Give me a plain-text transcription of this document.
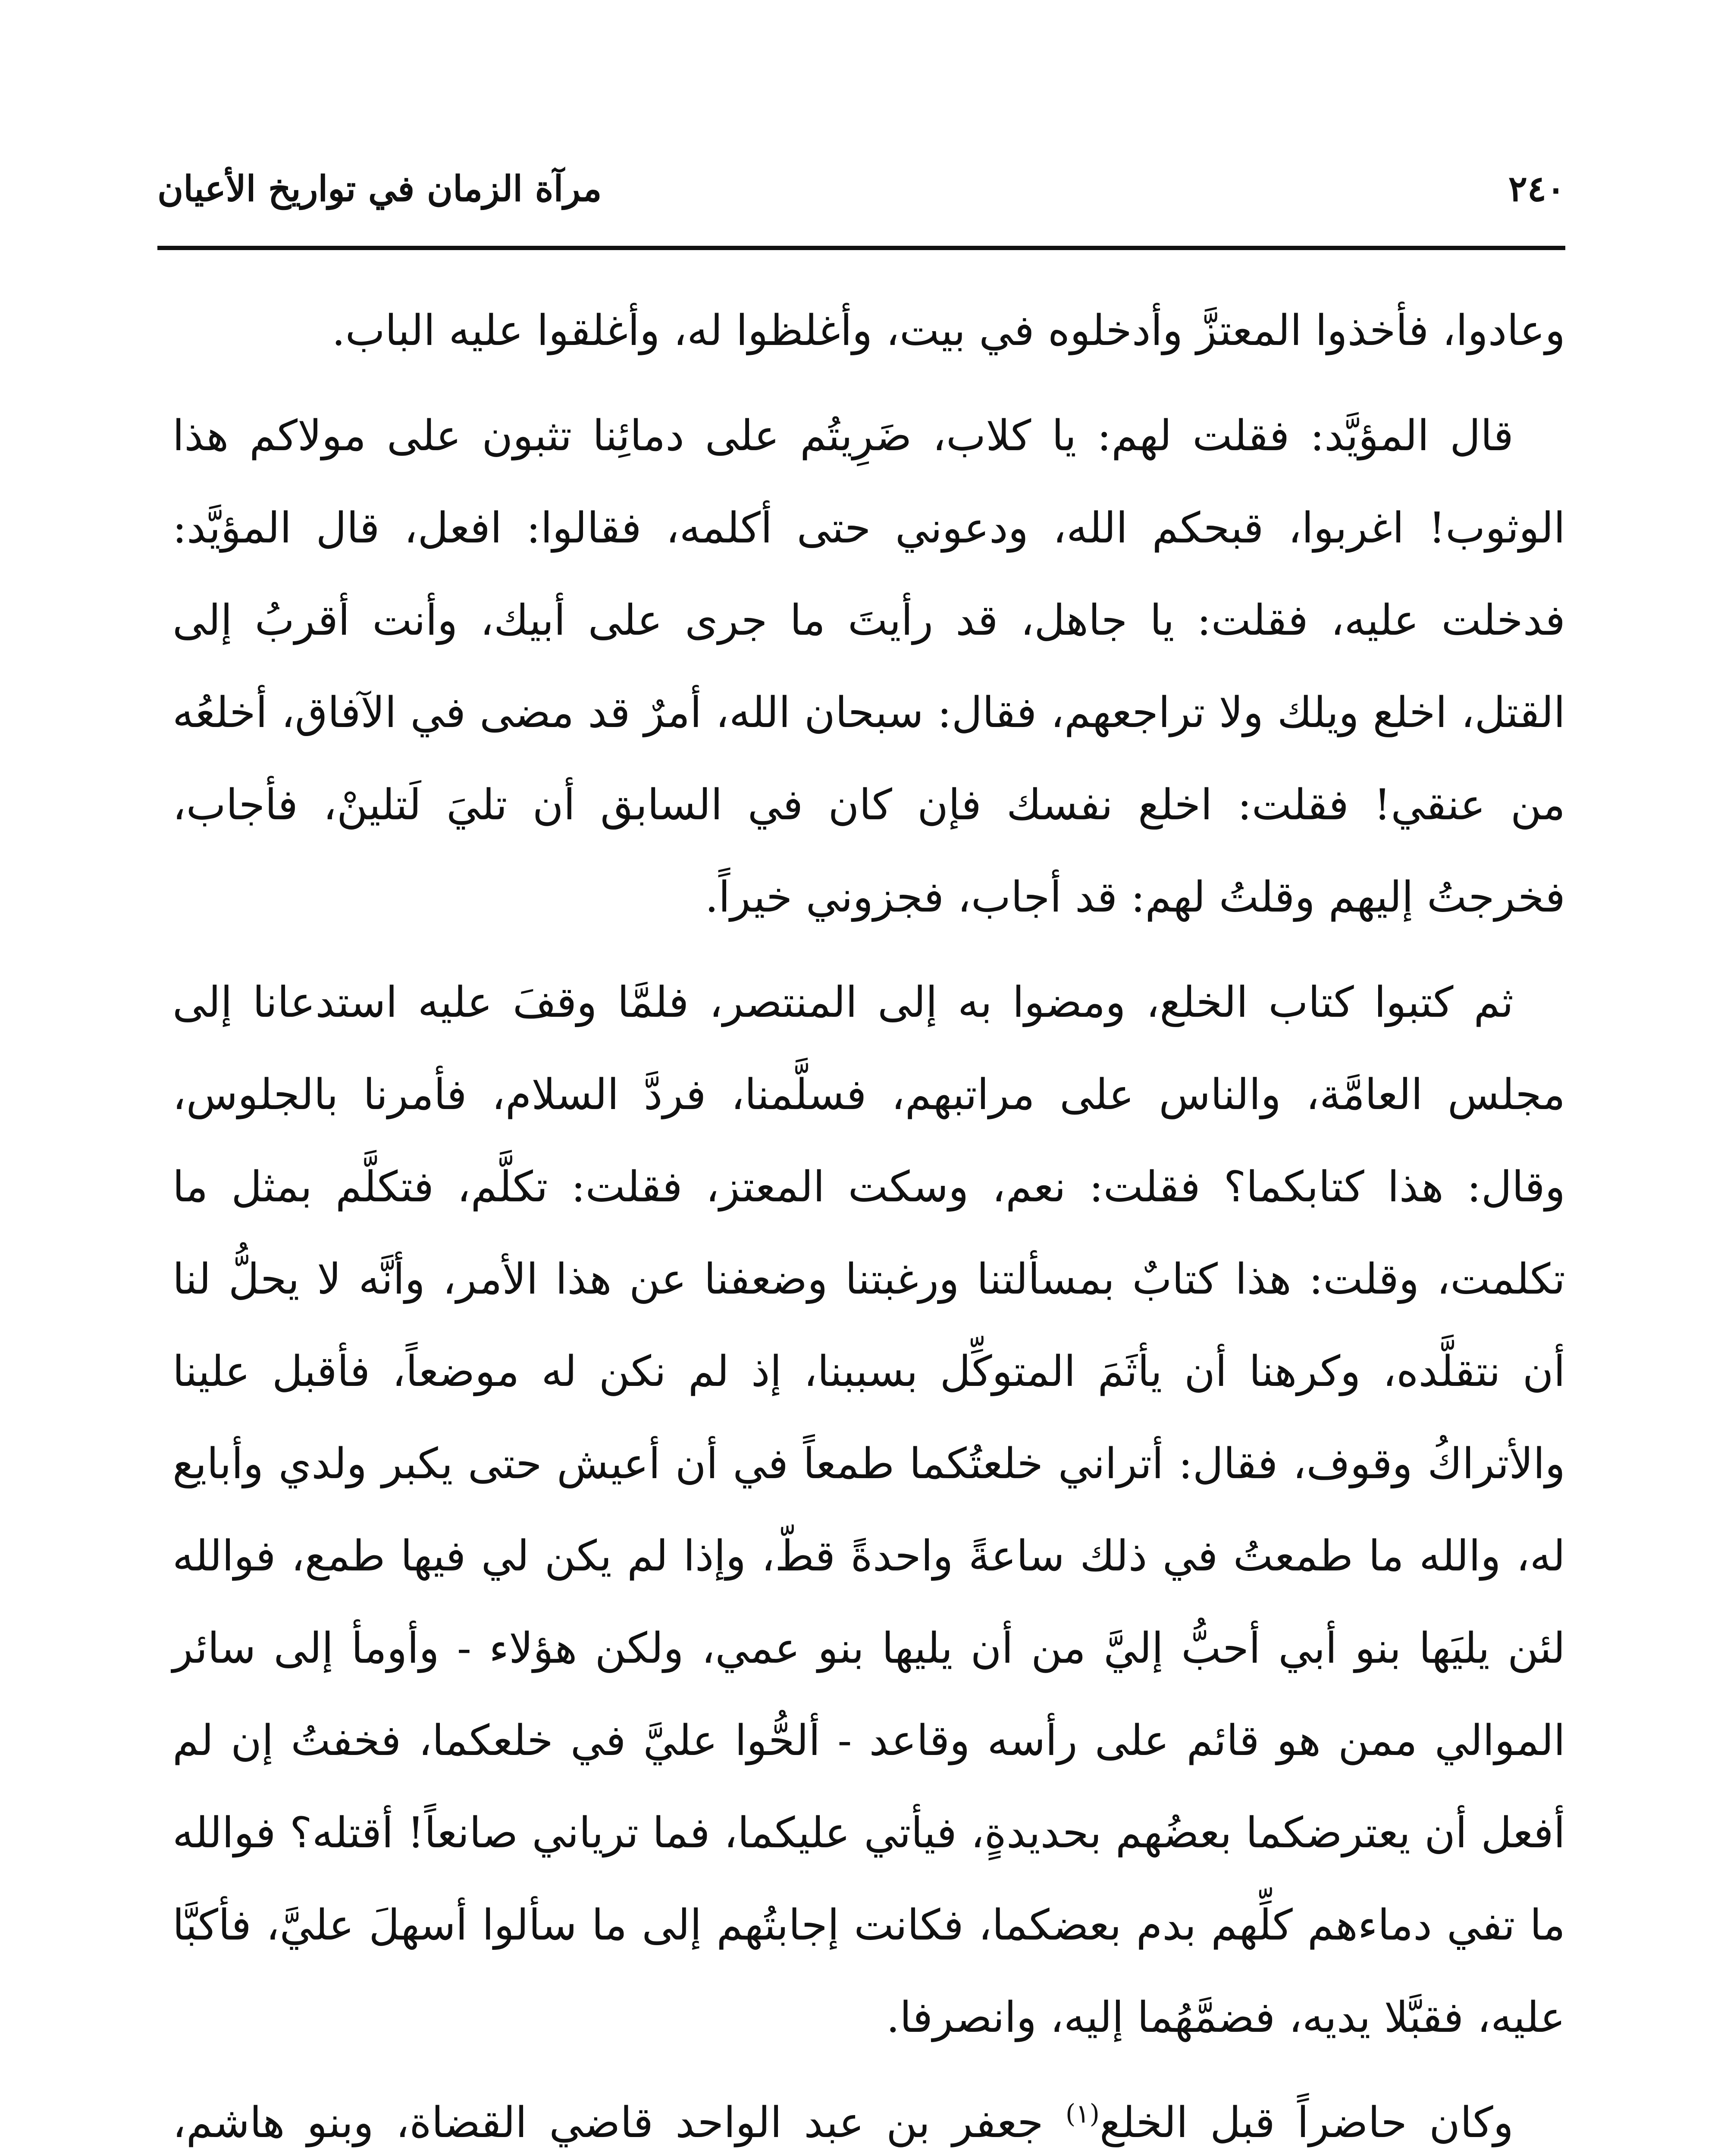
٢٤٠
مرآة الزمان في تواريخ الأعيان

وعادوا، فأخذوا المعتزَّ وأدخلوه في بيت، وأغلظوا له، وأغلقوا عليه الباب.

قال المؤيَّد: فقلت لهم: يا كلاب، ضَرِيتُم على دمائِنا تثبون على مولاكم هذا الوثوب! اغربوا، قبحكم الله، ودعوني حتى أكلمه، فقالوا: افعل، قال المؤيَّد: فدخلت عليه، فقلت: يا جاهل، قد رأيتَ ما جرى على أبيك، وأنت أقربُ إلى القتل، اخلع ويلك ولا تراجعهم، فقال: سبحان الله، أمرٌ قد مضى في الآفاق، أخلعُه من عنقي! فقلت: اخلع نفسك فإن كان في السابق أن تليَ لَتلينْ، فأجاب، فخرجتُ إليهم وقلتُ لهم: قد أجاب، فجزوني خيراً.

ثم كتبوا كتاب الخلع، ومضوا به إلى المنتصر، فلمَّا وقفَ عليه استدعانا إلى مجلس العامَّة، والناس على مراتبهم، فسلَّمنا، فردَّ السلام، فأمرنا بالجلوس، وقال: هذا كتابكما؟ فقلت: نعم، وسكت المعتز، فقلت: تكلَّم، فتكلَّم بمثل ما تكلمت، وقلت: هذا كتابٌ بمسألتنا ورغبتنا وضعفنا عن هذا الأمر، وأنَّه لا يحلُّ لنا أن نتقلَّده، وكرهنا أن يأثَمَ المتوكِّل بسببنا، إذ لم نكن له موضعاً، فأقبل علينا والأتراكُ وقوف، فقال: أتراني خلعتُكما طمعاً في أن أعيش حتى يكبر ولدي وأبايع له، والله ما طمعتُ في ذلك ساعةً واحدةً قطّ، وإذا لم يكن لي فيها طمع، فوالله لئن يليَها بنو أبي أحبُّ إليَّ من أن يليها بنو عمي، ولكن هؤلاء - وأومأ إلى سائر الموالي ممن هو قائم على رأسه وقاعد - ألحُّوا عليَّ في خلعكما، فخفتُ إن لم أفعل أن يعترضكما بعضُهم بحديدةٍ، فيأتي عليكما، فما ترياني صانعاً! أقتله؟ فوالله ما تفي دماءهم كلِّهم بدم بعضكما، فكانت إجابتُهم إلى ما سألوا أسهلَ عليَّ، فأكبَّا عليه، فقبَّلا يديه، فضمَّهُما إليه، وانصرفا.

وكان حاضراً قبل الخلع$^{(١)}$ جعفر بن عبد الواحد قاضي القضاة، وبنو هاشم،
